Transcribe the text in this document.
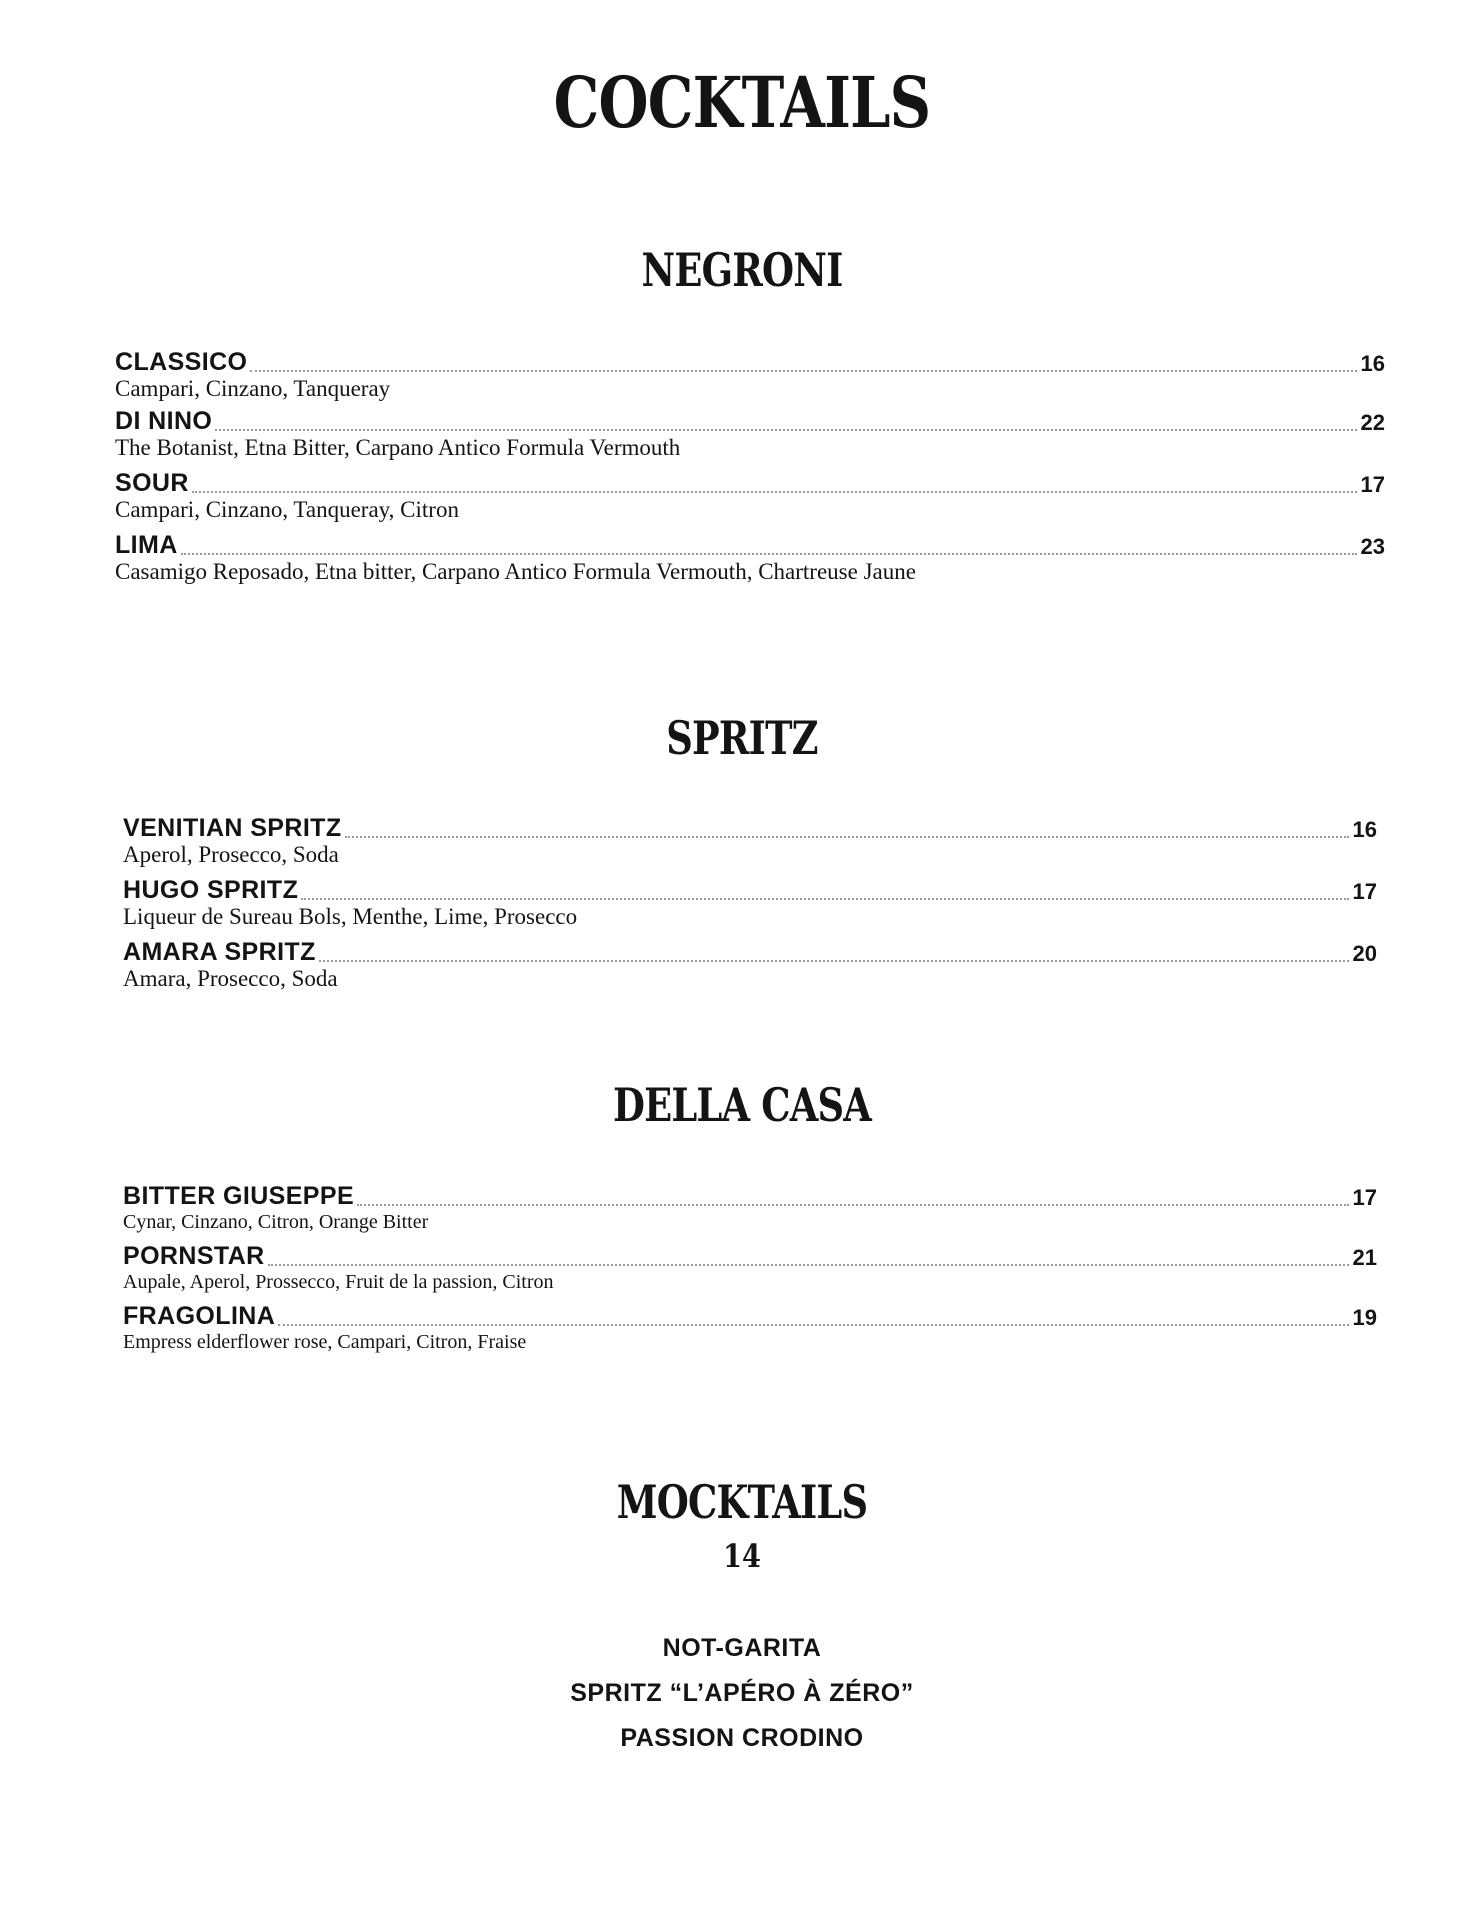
COCKTAILS
NEGRONI
CLASSICO	16
Campari, Cinzano, Tanqueray
DI NINO	22
The Botanist, Etna Bitter, Carpano Antico Formula Vermouth
SOUR	17
Campari, Cinzano, Tanqueray, Citron
LIMA	23
Casamigo Reposado, Etna bitter, Carpano Antico Formula Vermouth, Chartreuse Jaune
SPRITZ
VENITIAN SPRITZ	16
Aperol, Prosecco, Soda
HUGO SPRITZ	17
Liqueur de Sureau Bols, Menthe, Lime, Prosecco
AMARA SPRITZ	20
Amara, Prosecco, Soda
DELLA CASA
BITTER GIUSEPPE	17
Cynar, Cinzano, Citron, Orange Bitter
PORNSTAR	21
Aupale, Aperol, Prossecco, Fruit de la passion, Citron
FRAGOLINA	19
Empress elderflower rose, Campari, Citron, Fraise
MOCKTAILS
14

NOT-GARITA

SPRITZ “L’APÉRO À ZÉRO”

PASSION CRODINO
